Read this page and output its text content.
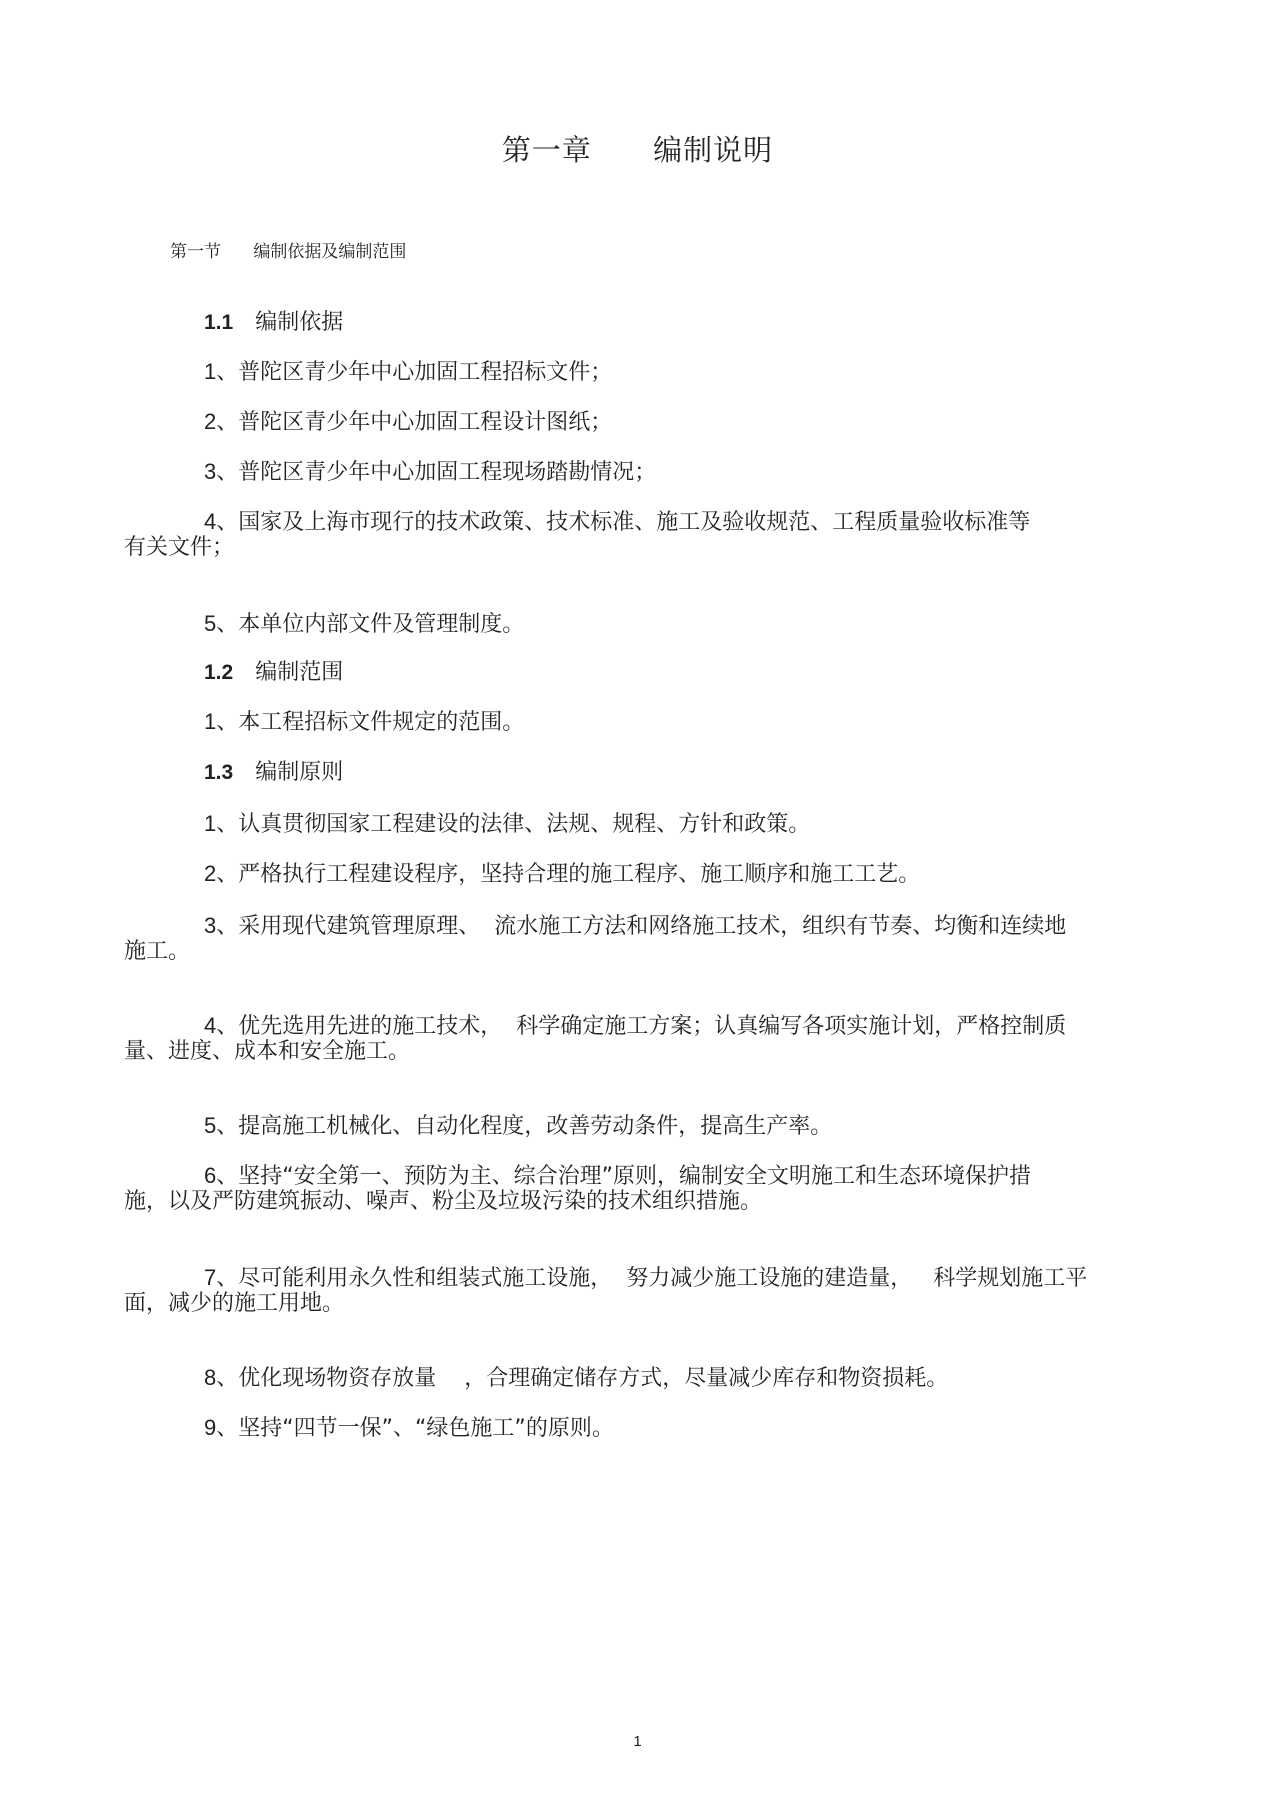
第一章      编制说明
第一节      编制依据及编制范围

1.1 编制依据

1、普陀区青少年中心加固工程招标文件；

2、普陀区青少年中心加固工程设计图纸；

3、普陀区青少年中心加固工程现场踏勘情况；

4、国家及上海市现行的技术政策、技术标准、施工及验收规范、工程质量验收标准等

有关文件；

5、本单位内部文件及管理制度。

1.2 编制范围

1、本工程招标文件规定的范围。

1.3 编制原则

1、认真贯彻国家工程建设的法律、法规、规程、方针和政策。

2、严格执行工程建设程序，坚持合理的施工程序、施工顺序和施工工艺。

3、采用现代建筑管理原理、  流水施工方法和网络施工技术，组织有节奏、均衡和连续地

施工。

4、优先选用先进的施工技术，  科学确定施工方案；认真编写各项实施计划，严格控制质

量、进度、成本和安全施工。

5、提高施工机械化、自动化程度，改善劳动条件，提高生产率。

6、坚持“安全第一、预防为主、综合治理”原则，编制安全文明施工和生态环境保护措

施，以及严防建筑振动、噪声、粉尘及垃圾污染的技术组织措施。

7、尽可能利用永久性和组装式施工设施，  努力减少施工设施的建造量，   科学规划施工平

面，减少的施工用地。

8、优化现场物资存放量    ，合理确定储存方式，尽量减少库存和物资损耗。

9、坚持“四节一保”、“绿色施工”的原则。

1
